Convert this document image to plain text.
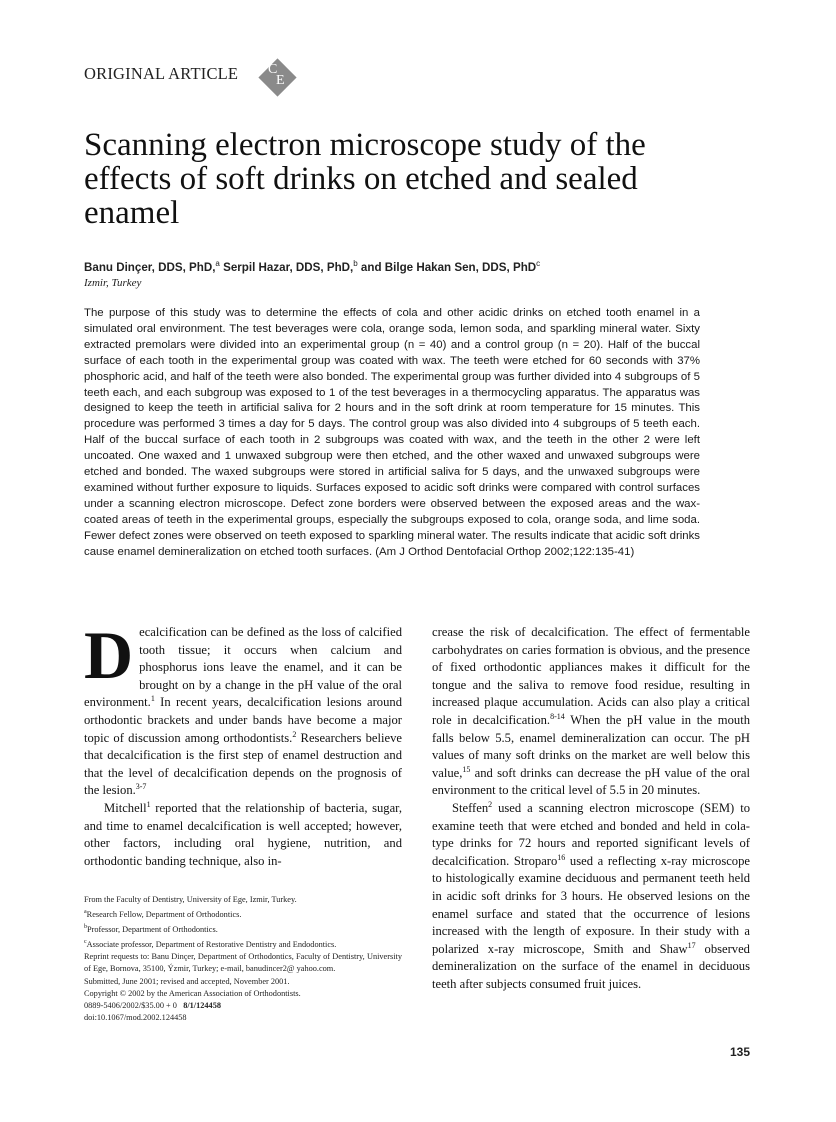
ORIGINAL ARTICLE C
E
Scanning electron microscope study of the effects of soft drinks on etched and sealed enamel
Banu Dinçer, DDS, PhD,$^a$ Serpil Hazar, DDS, PhD,$^b$ and Bilge Hakan Sen, DDS, PhD$^c$
Izmir, Turkey

The purpose of this study was to determine the effects of cola and other acidic drinks on etched tooth enamel in a simulated oral environment. The test beverages were cola, orange soda, lemon soda, and sparkling mineral water. Sixty extracted premolars were divided into an experimental group (n = 40) and a control group (n = 20). Half of the buccal surface of each tooth in the experimental group was coated with wax. The teeth were etched for 60 seconds with 37% phosphoric acid, and half of the teeth were also bonded. The experimental group was further divided into 4 subgroups of 5 teeth each, and each subgroup was exposed to 1 of the test beverages in a thermocycling apparatus. The apparatus was designed to keep the teeth in artificial saliva for 2 hours and in the soft drink at room temperature for 15 minutes. This procedure was performed 3 times a day for 5 days. The control group was also divided into 4 subgroups of 5 teeth each. Half of the buccal surface of each tooth in 2 subgroups was coated with wax, and the teeth in the other 2 were left uncoated. One waxed and 1 unwaxed subgroup were then etched, and the other waxed and unwaxed subgroups were etched and bonded. The waxed subgroups were stored in artificial saliva for 5 days, and the unwaxed subgroups were examined without further exposure to liquids. Surfaces exposed to acidic soft drinks were compared with control surfaces under a scanning electron microscope. Defect zone borders were observed between the exposed areas and the wax-coated areas of teeth in the experimental groups, especially the subgroups exposed to cola, orange soda, and lime soda. Fewer defect zones were observed on teeth exposed to sparkling mineral water. The results indicate that acidic soft drinks cause enamel demineralization on etched tooth surfaces. (Am J Orthod Dentofacial Orthop 2002;122:135-41)

Decalcification can be defined as the loss of calcified tooth tissue; it occurs when calcium and phosphorus ions leave the enamel, and it can be brought on by a change in the pH value of the oral environment.$^1$ In recent years, decalcification lesions around orthodontic brackets and under bands have become a major topic of discussion among orthodontists.$^2$ Researchers believe that decalcification is the first step of enamel destruction and that the level of decalcification depends on the prognosis of the lesion.$^{3-7}$

Mitchell$^1$ reported that the relationship of bacteria, sugar, and time to enamel decalcification is well accepted; however, other factors, including oral hygiene, nutrition, and orthodontic banding technique, also in-

crease the risk of decalcification. The effect of fermentable carbohydrates on caries formation is obvious, and the presence of fixed orthodontic appliances makes it difficult for the tongue and the saliva to remove food residue, resulting in increased plaque accumulation. Acids can also play a critical role in decalcification.$^{8-14}$ When the pH value in the mouth falls below 5.5, enamel demineralization can occur. The pH values of many soft drinks on the market are well below this value,$^{15}$ and soft drinks can decrease the pH value of the oral environment to the critical level of 5.5 in 20 minutes.

Steffen$^2$ used a scanning electron microscope (SEM) to examine teeth that were etched and bonded and held in cola-type drinks for 72 hours and reported significant levels of decalcification. Stroparo$^{16}$ used a reflecting x-ray microscope to histologically examine deciduous and permanent teeth held in acidic soft drinks for 3 hours. He observed lesions on the enamel surface and stated that the occurrence of lesions increased with the length of exposure. In their study with a polarized x-ray microscope, Smith and Shaw$^{17}$ observed demineralization on the surface of the enamel in deciduous teeth after subjects consumed fruit juices.

From the Faculty of Dentistry, University of Ege, Izmir, Turkey.
$^a$Research Fellow, Department of Orthodontics.
$^b$Professor, Department of Orthodontics.
$^c$Associate professor, Department of Restorative Dentistry and Endodontics.
Reprint requests to: Banu Dinçer, Department of Orthodontics, Faculty of Dentistry, University of Ege, Bornova, 35100, Ýzmir, Turkey; e-mail, banudincer2@ yahoo.com.
Submitted, June 2001; revised and accepted, November 2001.
Copyright © 2002 by the American Association of Orthodontists.
0889-5406/2002/$35.00 + 0 8/1/124458
doi:10.1067/mod.2002.124458
135
